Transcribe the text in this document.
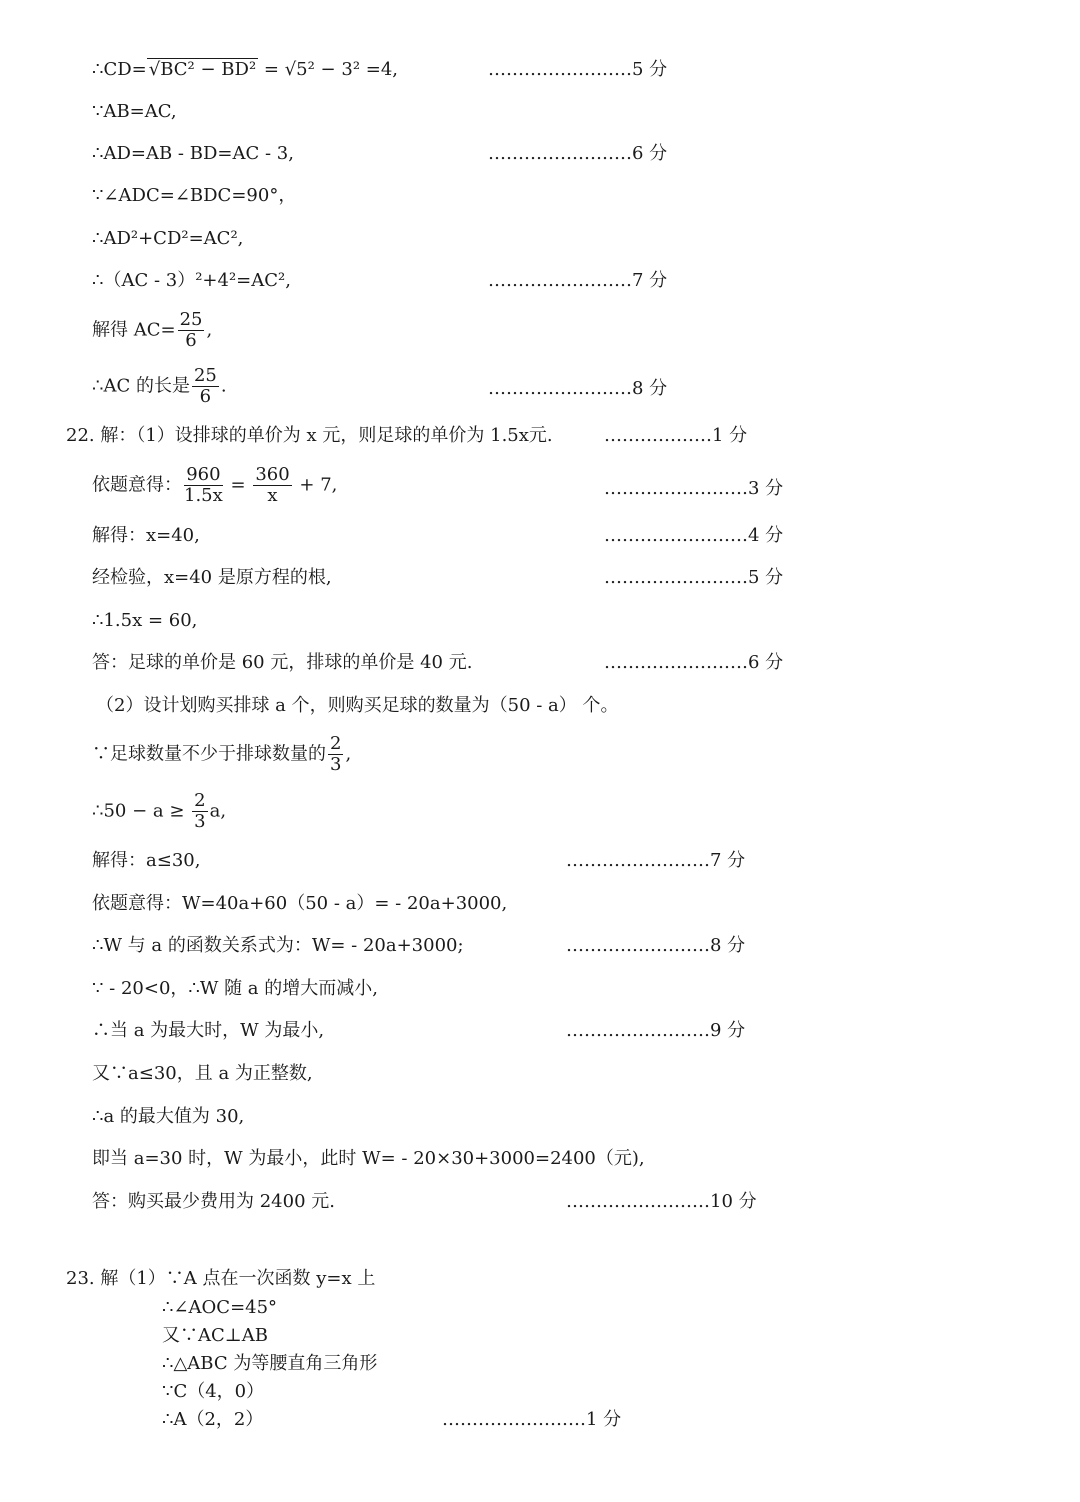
∴CD= √BC² − BD² = √5² − 3² =4,	……………………5 分
∵AB=AC,
∴AD=AB - BD=AC - 3,	……………………6 分
∵∠ADC=∠BDC=90°，
∴AD²+CD²=AC²,
∴（AC - 3）²+4²=AC²,	……………………7 分
解得 $AC= \frac{25}{6}$ ,
∴AC 的长是 $\frac{25}{6}$ .	……………………8 分
22. 解：（1）设排球的单价为 x 元，则足球的单价为 1.5x元.	………………1 分
依题意得： $\frac{960}{1.5x} = \frac{360}{x} + 7$,	……………………3 分
解得：x=40,	……………………4 分
经检验，x=40 是原方程的根,	……………………5 分
∴1.5x = 60,
答：足球的单价是 60 元，排球的单价是 40 元.	……………………6 分
（2）设计划购买排球 a 个，则购买足球的数量为（50 - a） 个。
∵足球数量不少于排球数量的 $\frac{2}{3}$ ,
∴50 − $a \ge \frac{2}{3} a$,
解得：a≤30,	……………………7 分
依题意得：W=40a+60（50 - a）= - 20a+3000,
∴W 与 a 的函数关系式为：W= - 20a+3000;	……………………8 分
∵ - 20<0，∴W 随 a 的增大而减小,
∴当 a 为最大时，W 为最小,	……………………9 分
又∵a≤30，且 a 为正整数,
∴a 的最大值为 30,
即当 a=30 时，W 为最小，此时 W= - 20×30+3000=2400（元),
答：购买最少费用为 2400 元.	……………………10 分
23. 解（1）∵A 点在一次函数 y=x 上
∴∠AOC=45°
又∵AC⊥AB
∴△ABC 为等腰直角三角形
∵C（4，0）
∴A（2，2）	……………………1 分
